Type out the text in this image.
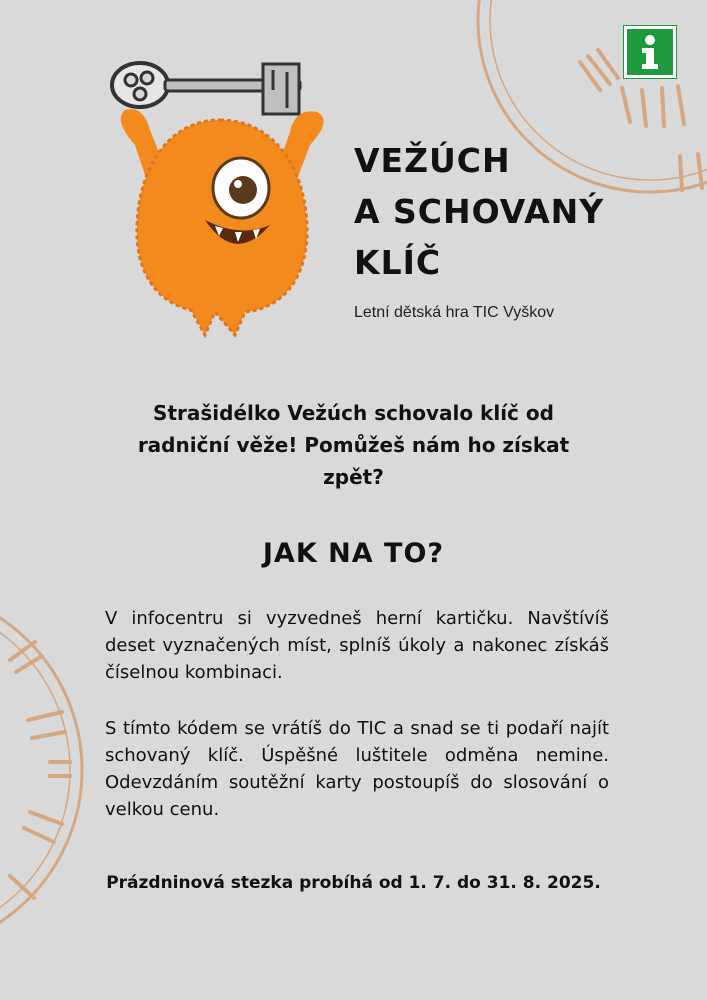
VEŽÚCH
A SCHOVANÝ
KLÍČ
Letní dětská hra TIC Vyškov
Strašidélko Vežúch schovalo klíč od radniční věže! Pomůžeš nám ho získat zpět?
JAK NA TO?
V infocentru si vyzvedneš herní kartičku. Navštívíš deset vyznačených míst, splníš úkoly a nakonec získáš číselnou kombinaci.
S tímto kódem se vrátíš do TIC a snad se ti podaří najít schovaný klíč. Úspěšné luštitele odměna nemine. Odevzdáním soutěžní karty postoupíš do slosování o velkou cenu.
Prázdninová stezka probíhá od 1. 7. do 31. 8. 2025.
